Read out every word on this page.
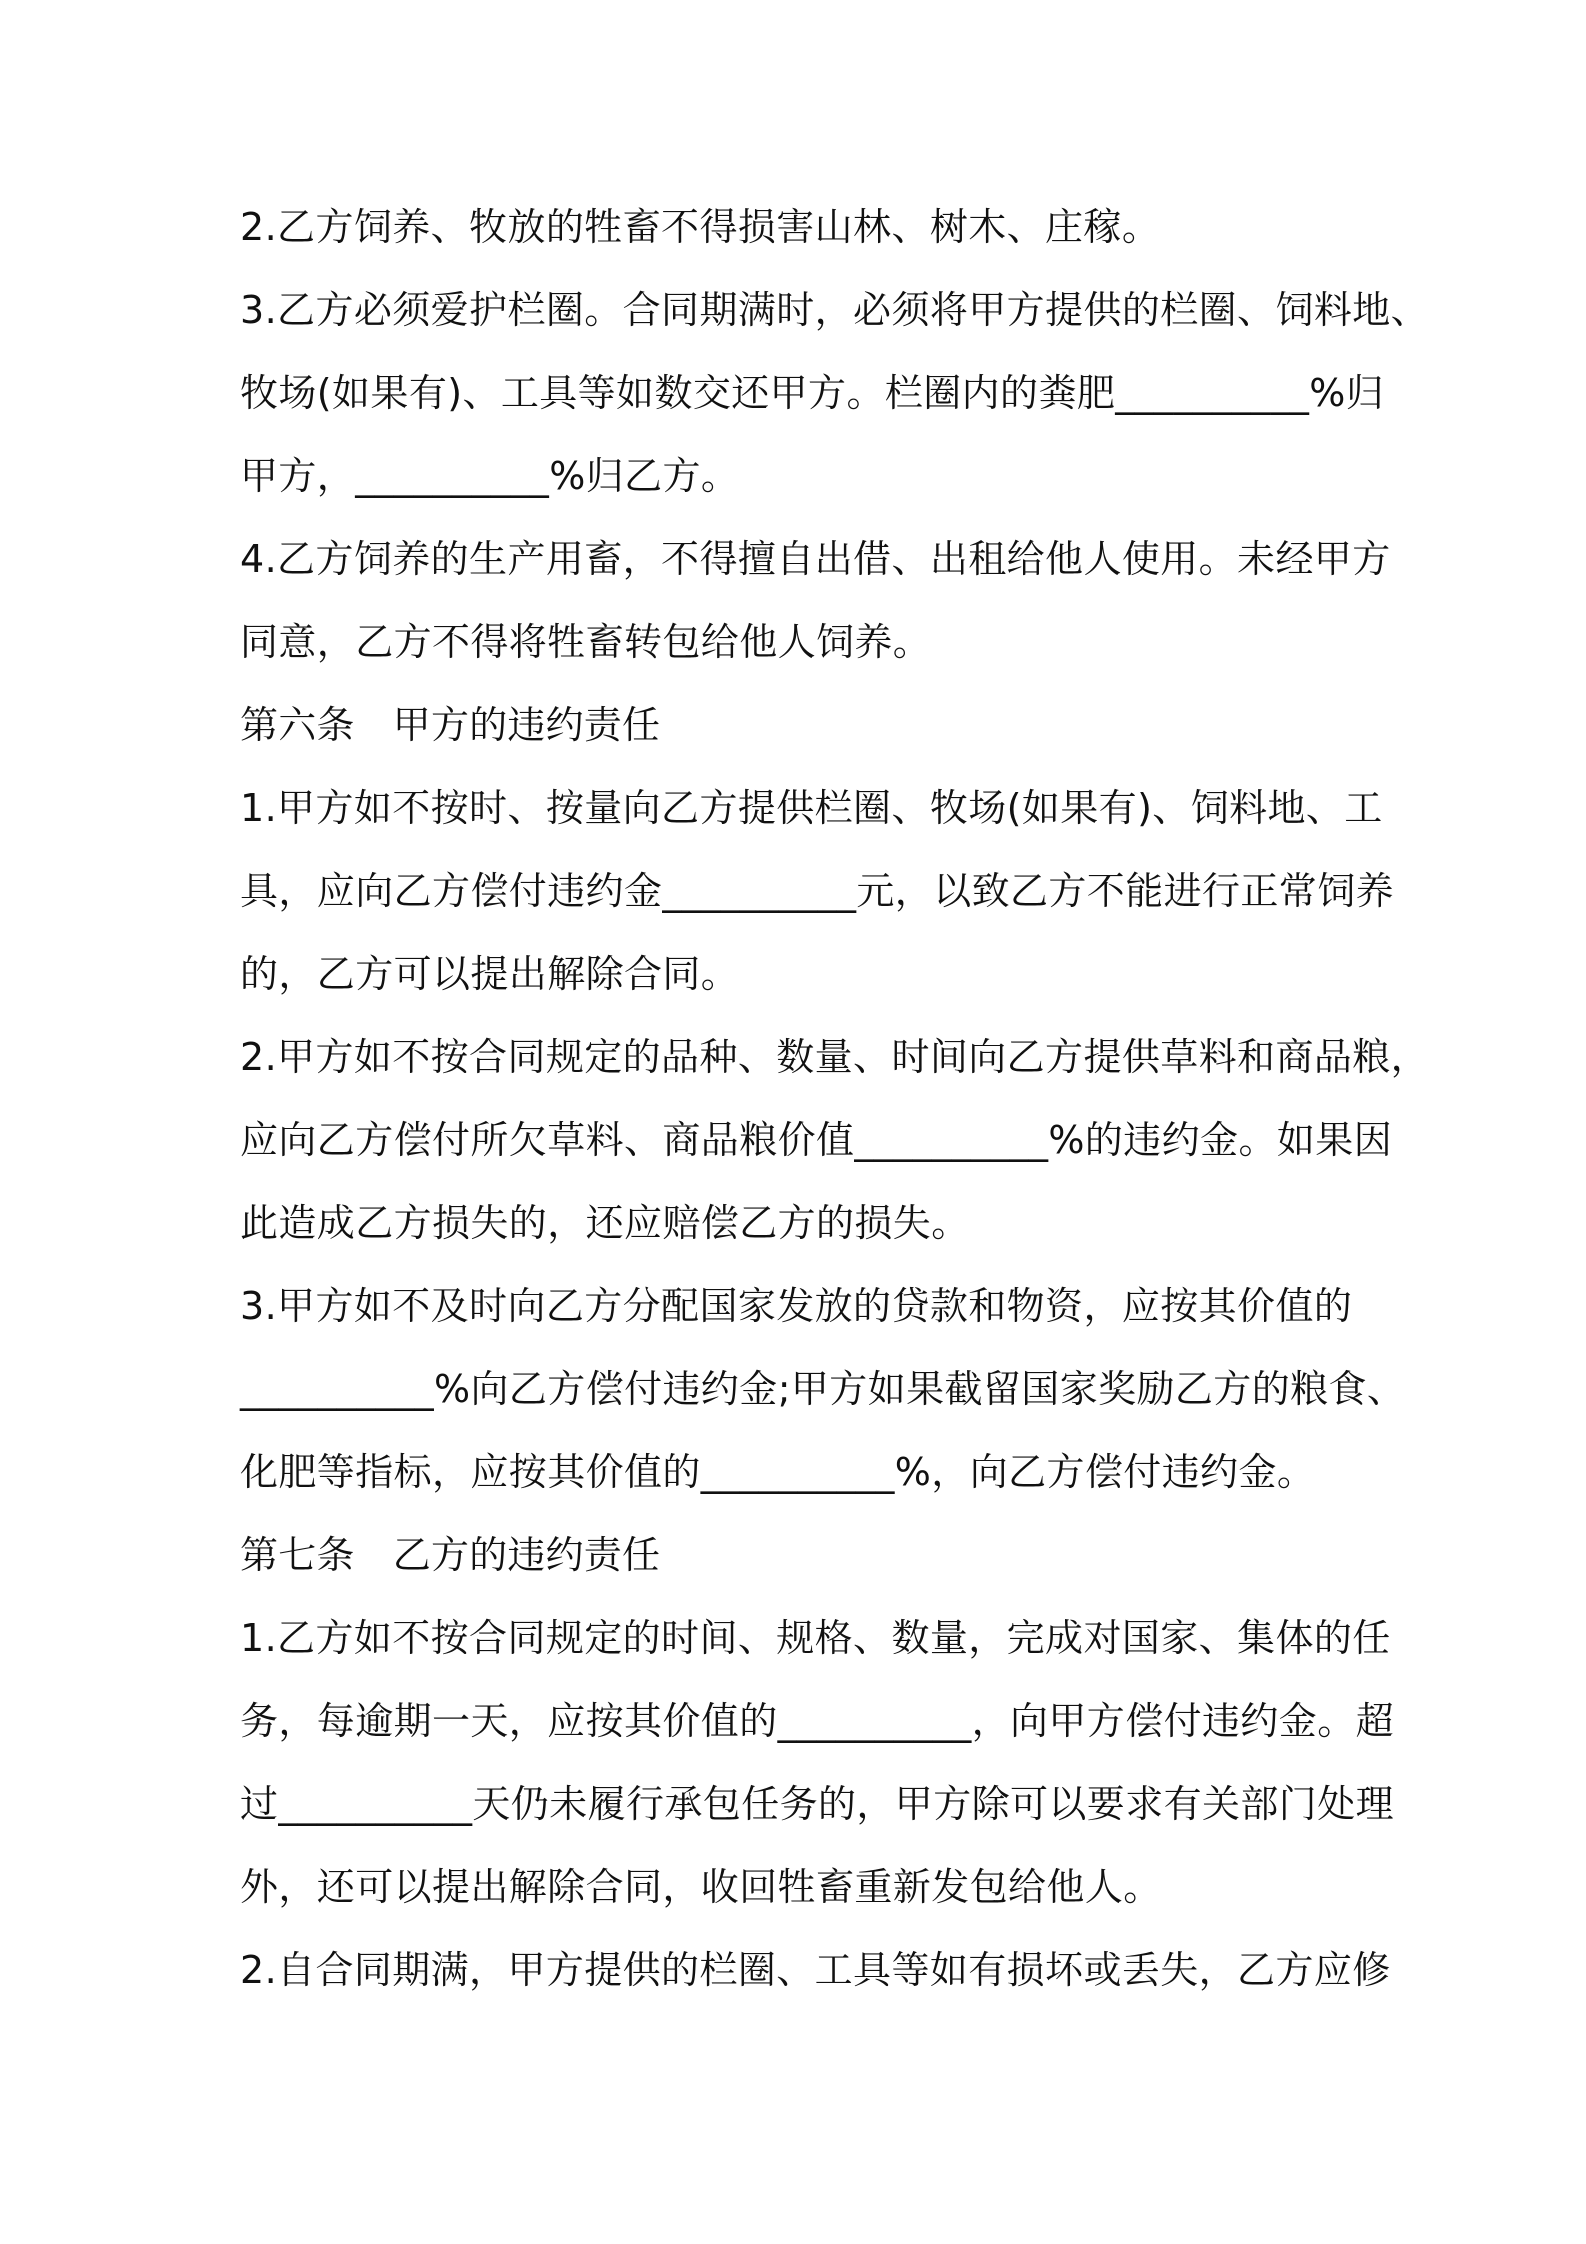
2.乙方饲养、牧放的牲畜不得损害山林、树木、庄稼。
3.乙方必须爱护栏圈。合同期满时，必须将甲方提供的栏圈、饲料地、
牧场(如果有)、工具等如数交还甲方。栏圈内的粪肥__________%归
甲方，__________%归乙方。
4.乙方饲养的生产用畜，不得擅自出借、出租给他人使用。未经甲方
同意，乙方不得将牲畜转包给他人饲养。
第六条　甲方的违约责任
1.甲方如不按时、按量向乙方提供栏圈、牧场(如果有)、饲料地、工
具，应向乙方偿付违约金__________元，以致乙方不能进行正常饲养
的，乙方可以提出解除合同。
2.甲方如不按合同规定的品种、数量、时间向乙方提供草料和商品粮，
应向乙方偿付所欠草料、商品粮价值__________%的违约金。如果因
此造成乙方损失的，还应赔偿乙方的损失。
3.甲方如不及时向乙方分配国家发放的贷款和物资，应按其价值的
__________%向乙方偿付违约金;甲方如果截留国家奖励乙方的粮食、
化肥等指标，应按其价值的__________%，向乙方偿付违约金。
第七条　乙方的违约责任
1.乙方如不按合同规定的时间、规格、数量，完成对国家、集体的任
务，每逾期一天，应按其价值的__________，向甲方偿付违约金。超
过__________天仍未履行承包任务的，甲方除可以要求有关部门处理
外，还可以提出解除合同，收回牲畜重新发包给他人。
2.自合同期满，甲方提供的栏圈、工具等如有损坏或丢失，乙方应修
